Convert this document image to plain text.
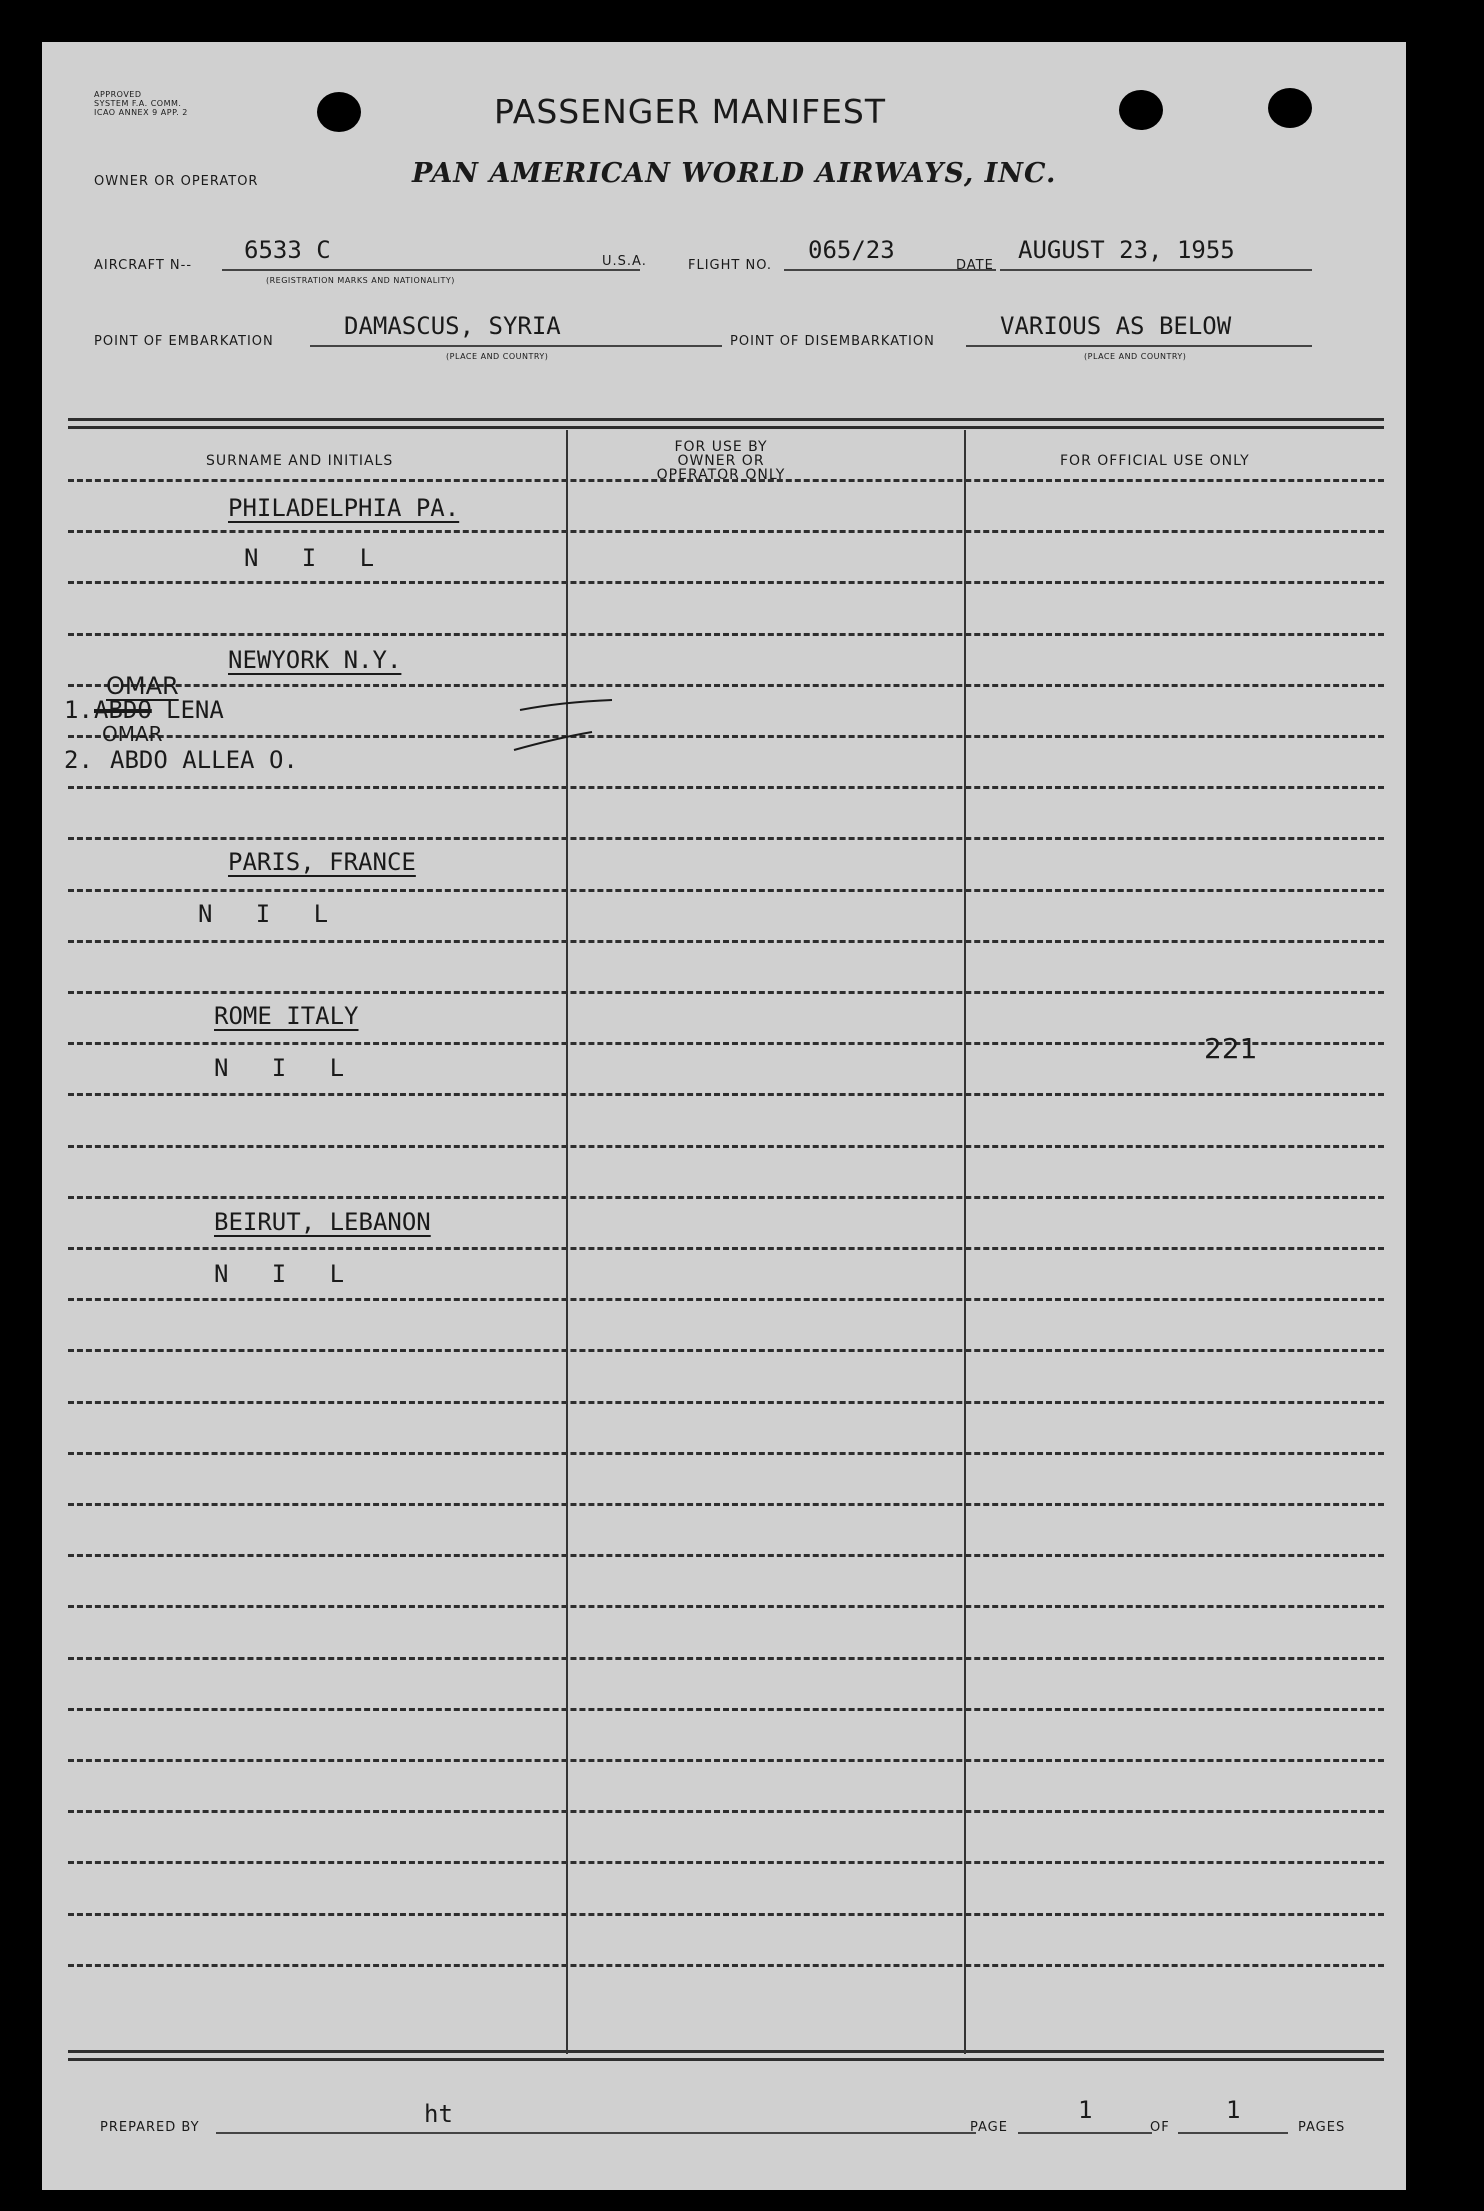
APPROVED
SYSTEM F.A. COMM.
ICAO ANNEX 9 APP. 2	PASSENGER MANIFEST
PAN AMERICAN WORLD AIRWAYS, INC.
OWNER OR OPERATOR
AIRCRAFT N--
6533 C
(REGISTRATION MARKS AND NATIONALITY)
U.S.A.	FLIGHT NO.
065/23
DATE
AUGUST 23, 1955
POINT OF EMBARKATION
DAMASCUS, SYRIA
(PLACE AND COUNTRY)
POINT OF DISEMBARKATION
VARIOUS AS BELOW
(PLACE AND COUNTRY)
SURNAME AND INITIALS
FOR USE BY OWNER OR OPERATOR ONLY
FOR OFFICIAL USE ONLY
PHILADELPHIA PA.
N   I   L
NEWYORK N.Y.
1. ABDO
OMAR
LENA
OMAR
2. ABDO ALLEA O.
PARIS, FRANCE
N   I   L
ROME ITALY
N   I   L
221
BEIRUT, LEBANON
N   I   L
PREPARED BY	ht	PAGE
1
OF
1
PAGES
